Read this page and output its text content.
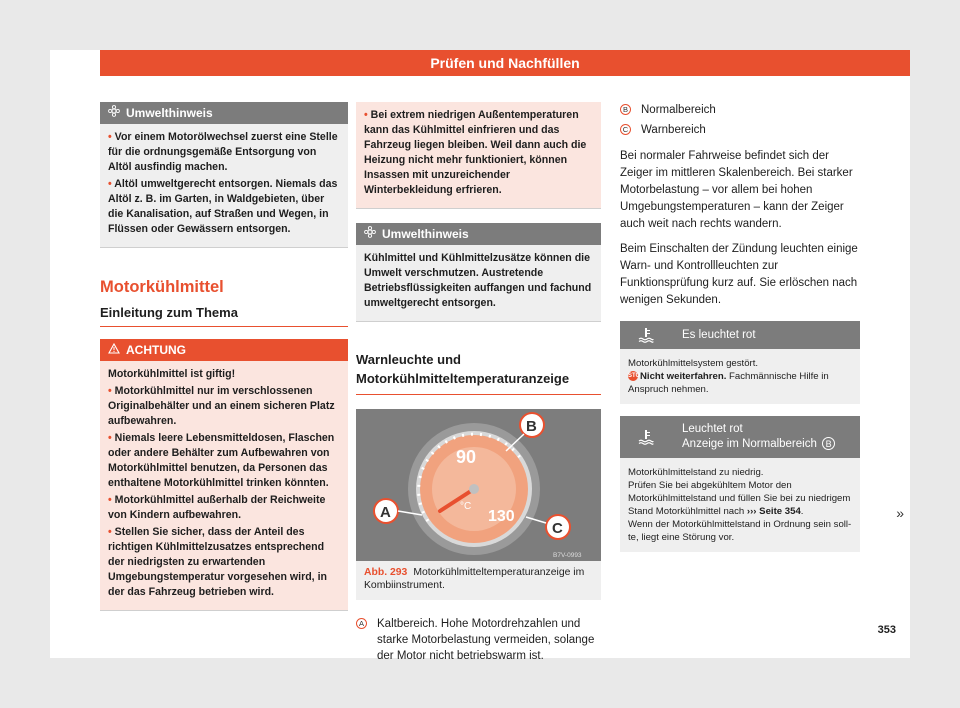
Prüfen und Nachfüllen
Umwelthinweis

• Vor einem Motorölwechsel zuerst eine Stelle für die ordnungsgemäße Entsorgung von Altöl ausfindig machen.

• Altöl umweltgerecht entsorgen. Niemals das Altöl z. B. im Garten, in Waldgebieten, über die Kanalisation, auf Straßen und Wegen, in Flüssen oder Gewässern entsorgen.

Motorkühlmittel
Einleitung zum Thema
ACHTUNG

Motorkühlmittel ist giftig!

• Motorkühlmittel nur im verschlossenen Originalbehälter und an einem sicheren Platz aufbewahren.

• Niemals leere Lebensmitteldosen, Flaschen oder andere Behälter zum Aufbewahren von Motorkühlmittel benutzen, da Personen das enthaltene Motorkühlmittel trinken könnten.

• Motorkühlmittel außerhalb der Reichweite von Kindern aufbewahren.

• Stellen Sie sicher, dass der Anteil des richtigen Kühlmittelzusatzes entsprechend der niedrigsten zu erwartenden Umgebungstemperatur vorgesehen wird, in der das Fahrzeug betrieben wird.

• Bei extrem niedrigen Außentemperaturen kann das Kühlmittel einfrieren und das Fahrzeug liegen bleiben. Weil dann auch die Heizung nicht mehr funktioniert, können Insassen mit unzureichender Winterbekleidung erfrieren.

Umwelthinweis

Kühlmittel und Kühlmittelzusätze können die Umwelt verschmutzen. Austretende Betriebsflüssigkeiten auffangen und fachund umweltgerecht entsorgen.

Warnleuchte und Motorkühlmitteltemperaturanzeige
90
130
°C
B
A
C
B7V-0993
Abb. 293 Motorkühlmitteltemperaturanzeige im Kombiinstrument.
A Kaltbereich. Hohe Motordrehzahlen und starke Motorbelastung vermeiden, solange der Motor nicht betriebswarm ist.
B Normalbereich
C Warnbereich

Bei normaler Fahrweise befindet sich der Zeiger im mittleren Skalenbereich. Bei starker Motorbelastung – vor allem bei hohen Umgebungstemperaturen – kann der Zeiger auch weit nach rechts wandern.

Beim Einschalten der Zündung leuchten einige Warn- und Kontrollleuchten zur Funktionsprüfung kurz auf. Sie erlöschen nach wenigen Sekunden.

Es leuchtet rot
Motorkühlmittelsystem gestört.
STOPNicht weiterfahren. Fachmännische Hilfe in Anspruch nehmen.
Leuchtet rot
Anzeige im Normalbereich B
Motorkühlmittelstand zu niedrig.
Prüfen Sie bei abgekühltem Motor den Motorkühlmittelstand und füllen Sie bei zu niedrigem Stand Motorkühlmittel nach ››› Seite 354.
Wenn der Motorkühlmittelstand in Ordnung sein soll-te, liegt eine Störung vor.
»
353
